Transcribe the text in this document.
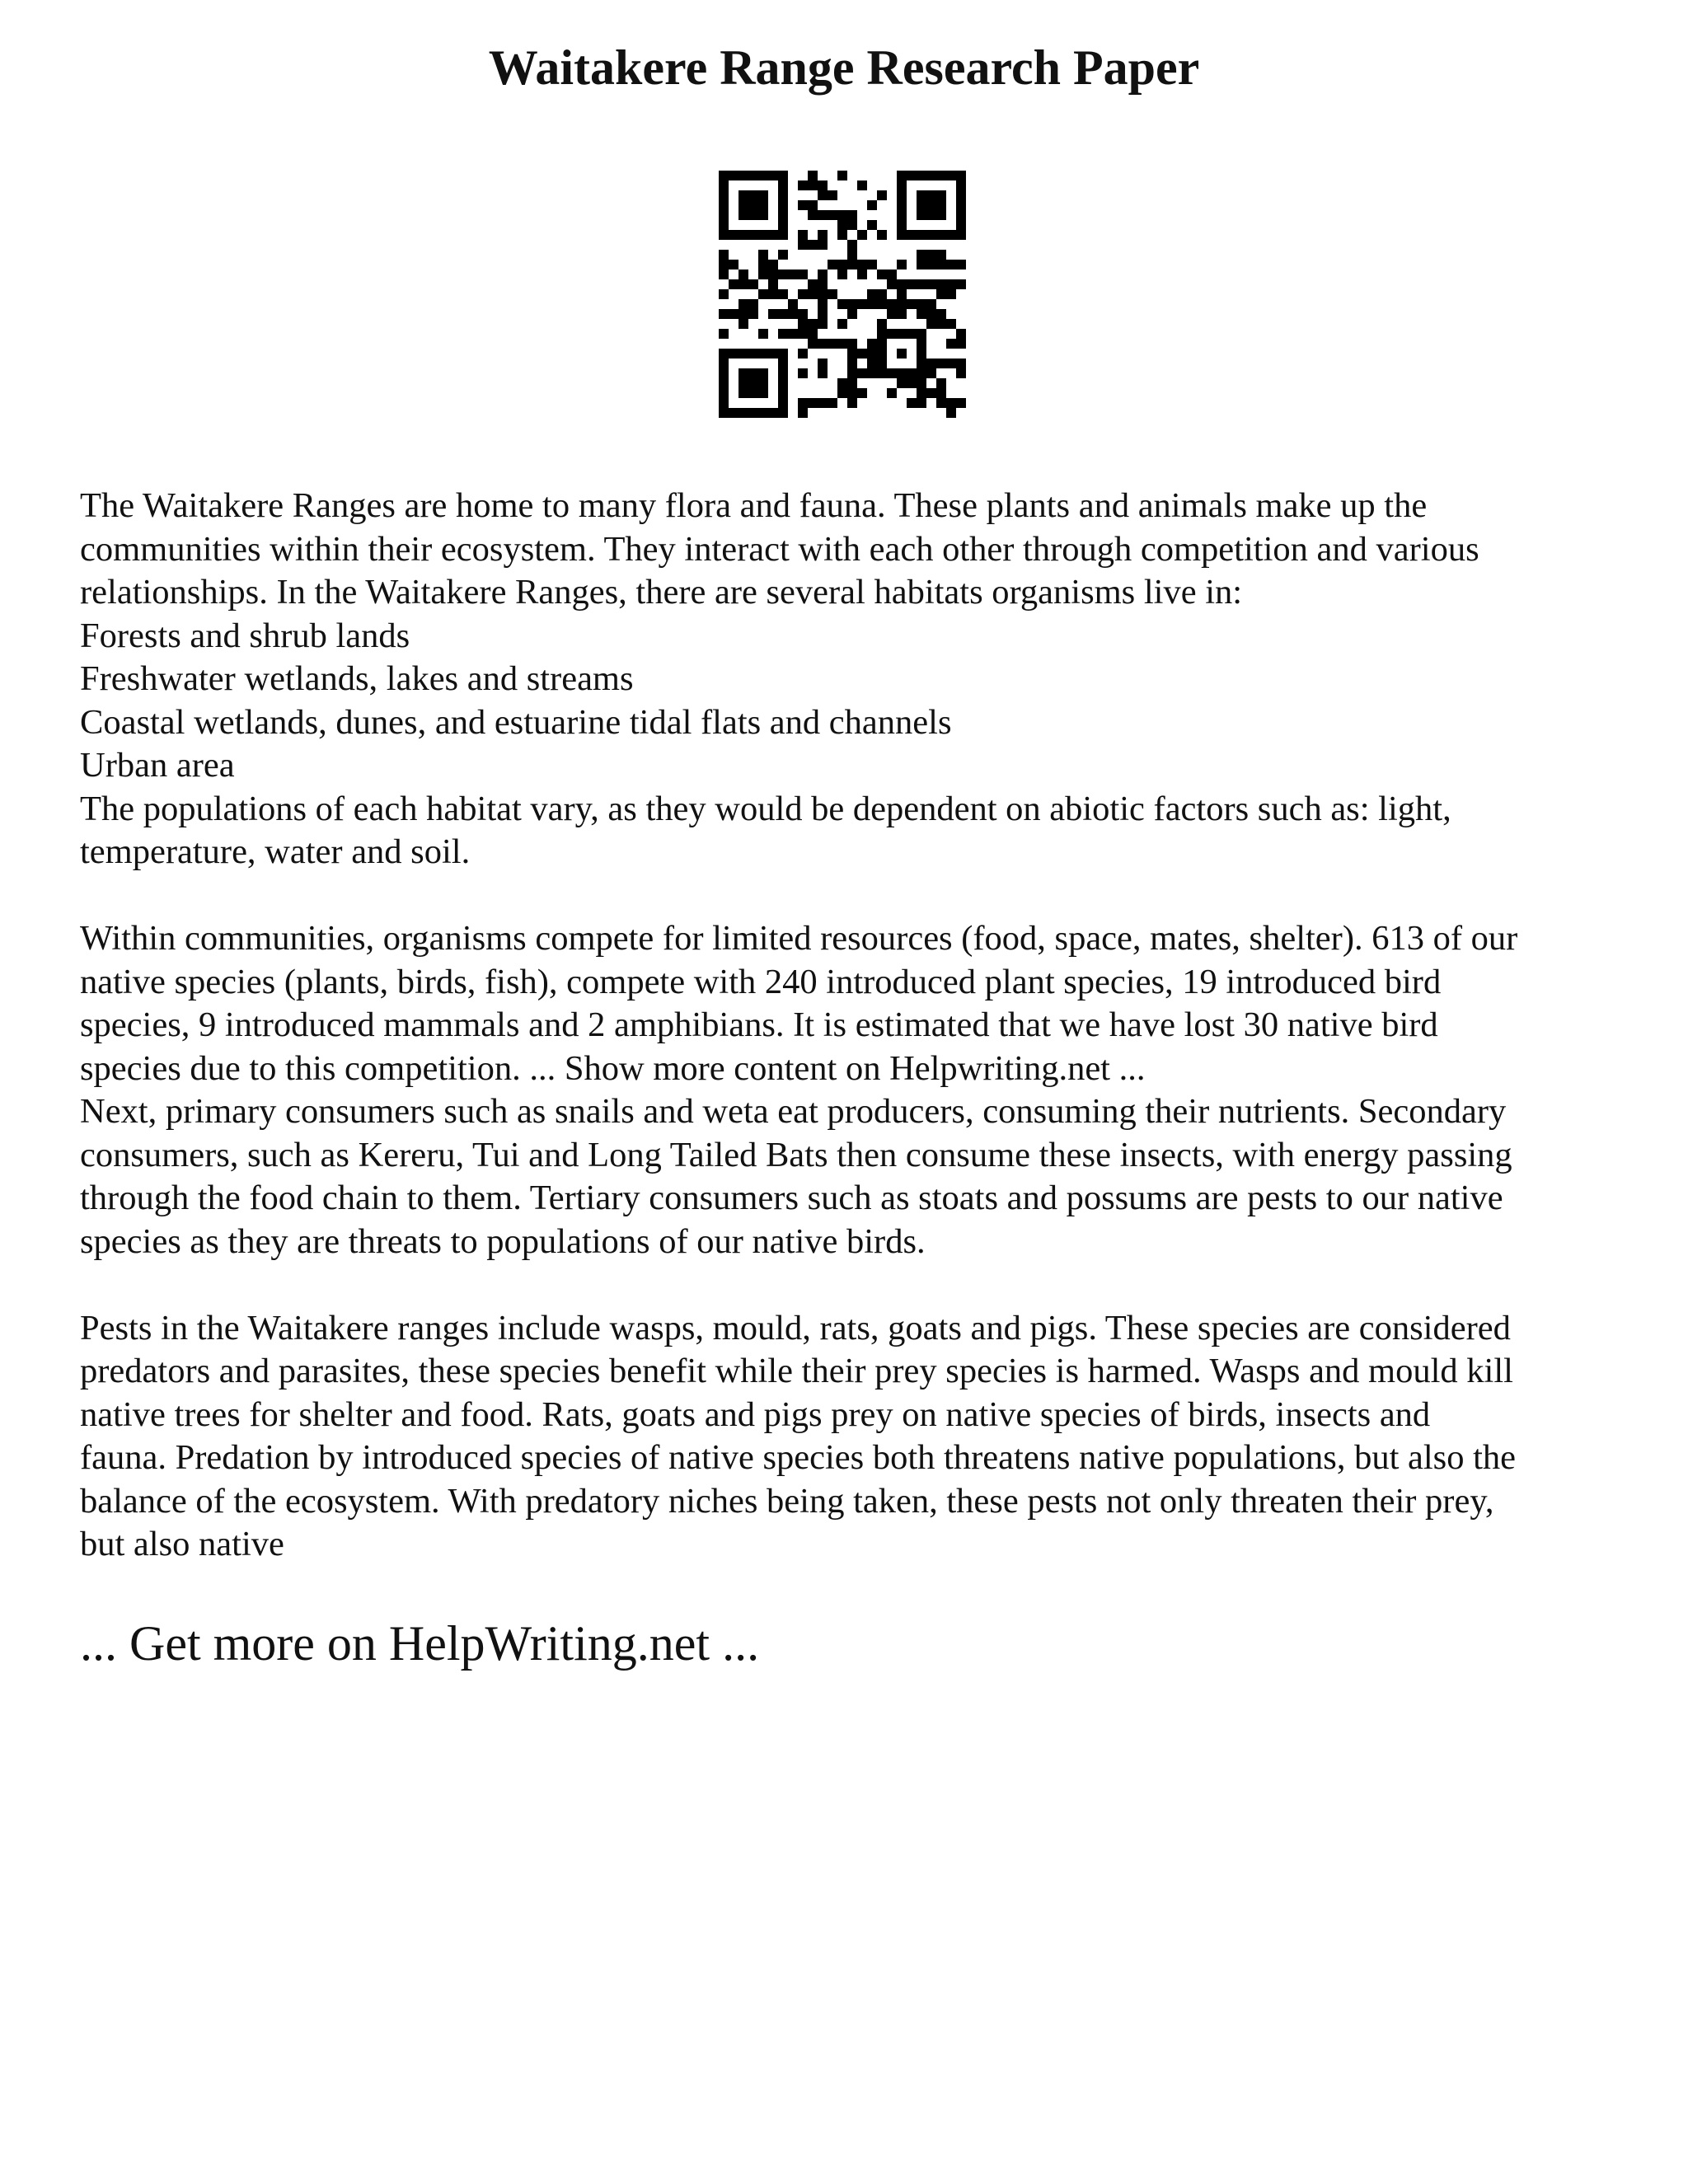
Waitakere Range Research Paper
The Waitakere Ranges are home to many flora and fauna. These plants and animals make up the
communities within their ecosystem. They interact with each other through competition and various
relationships. In the Waitakere Ranges, there are several habitats organisms live in:
Forests and shrub lands
Freshwater wetlands, lakes and streams
Coastal wetlands, dunes, and estuarine tidal flats and channels
Urban area
The populations of each habitat vary, as they would be dependent on abiotic factors such as: light,
temperature, water and soil.
Within communities, organisms compete for limited resources (food, space, mates, shelter). 613 of our
native species (plants, birds, fish), compete with 240 introduced plant species, 19 introduced bird
species, 9 introduced mammals and 2 amphibians. It is estimated that we have lost 30 native bird
species due to this competition. ... Show more content on Helpwriting.net ...
Next, primary consumers such as snails and weta eat producers, consuming their nutrients. Secondary
consumers, such as Kereru, Tui and Long Tailed Bats then consume these insects, with energy passing
through the food chain to them. Tertiary consumers such as stoats and possums are pests to our native
species as they are threats to populations of our native birds.
Pests in the Waitakere ranges include wasps, mould, rats, goats and pigs. These species are considered
predators and parasites, these species benefit while their prey species is harmed. Wasps and mould kill
native trees for shelter and food. Rats, goats and pigs prey on native species of birds, insects and
fauna. Predation by introduced species of native species both threatens native populations, but also the
balance of the ecosystem. With predatory niches being taken, these pests not only threaten their prey,
but also native
... Get more on HelpWriting.net ...
